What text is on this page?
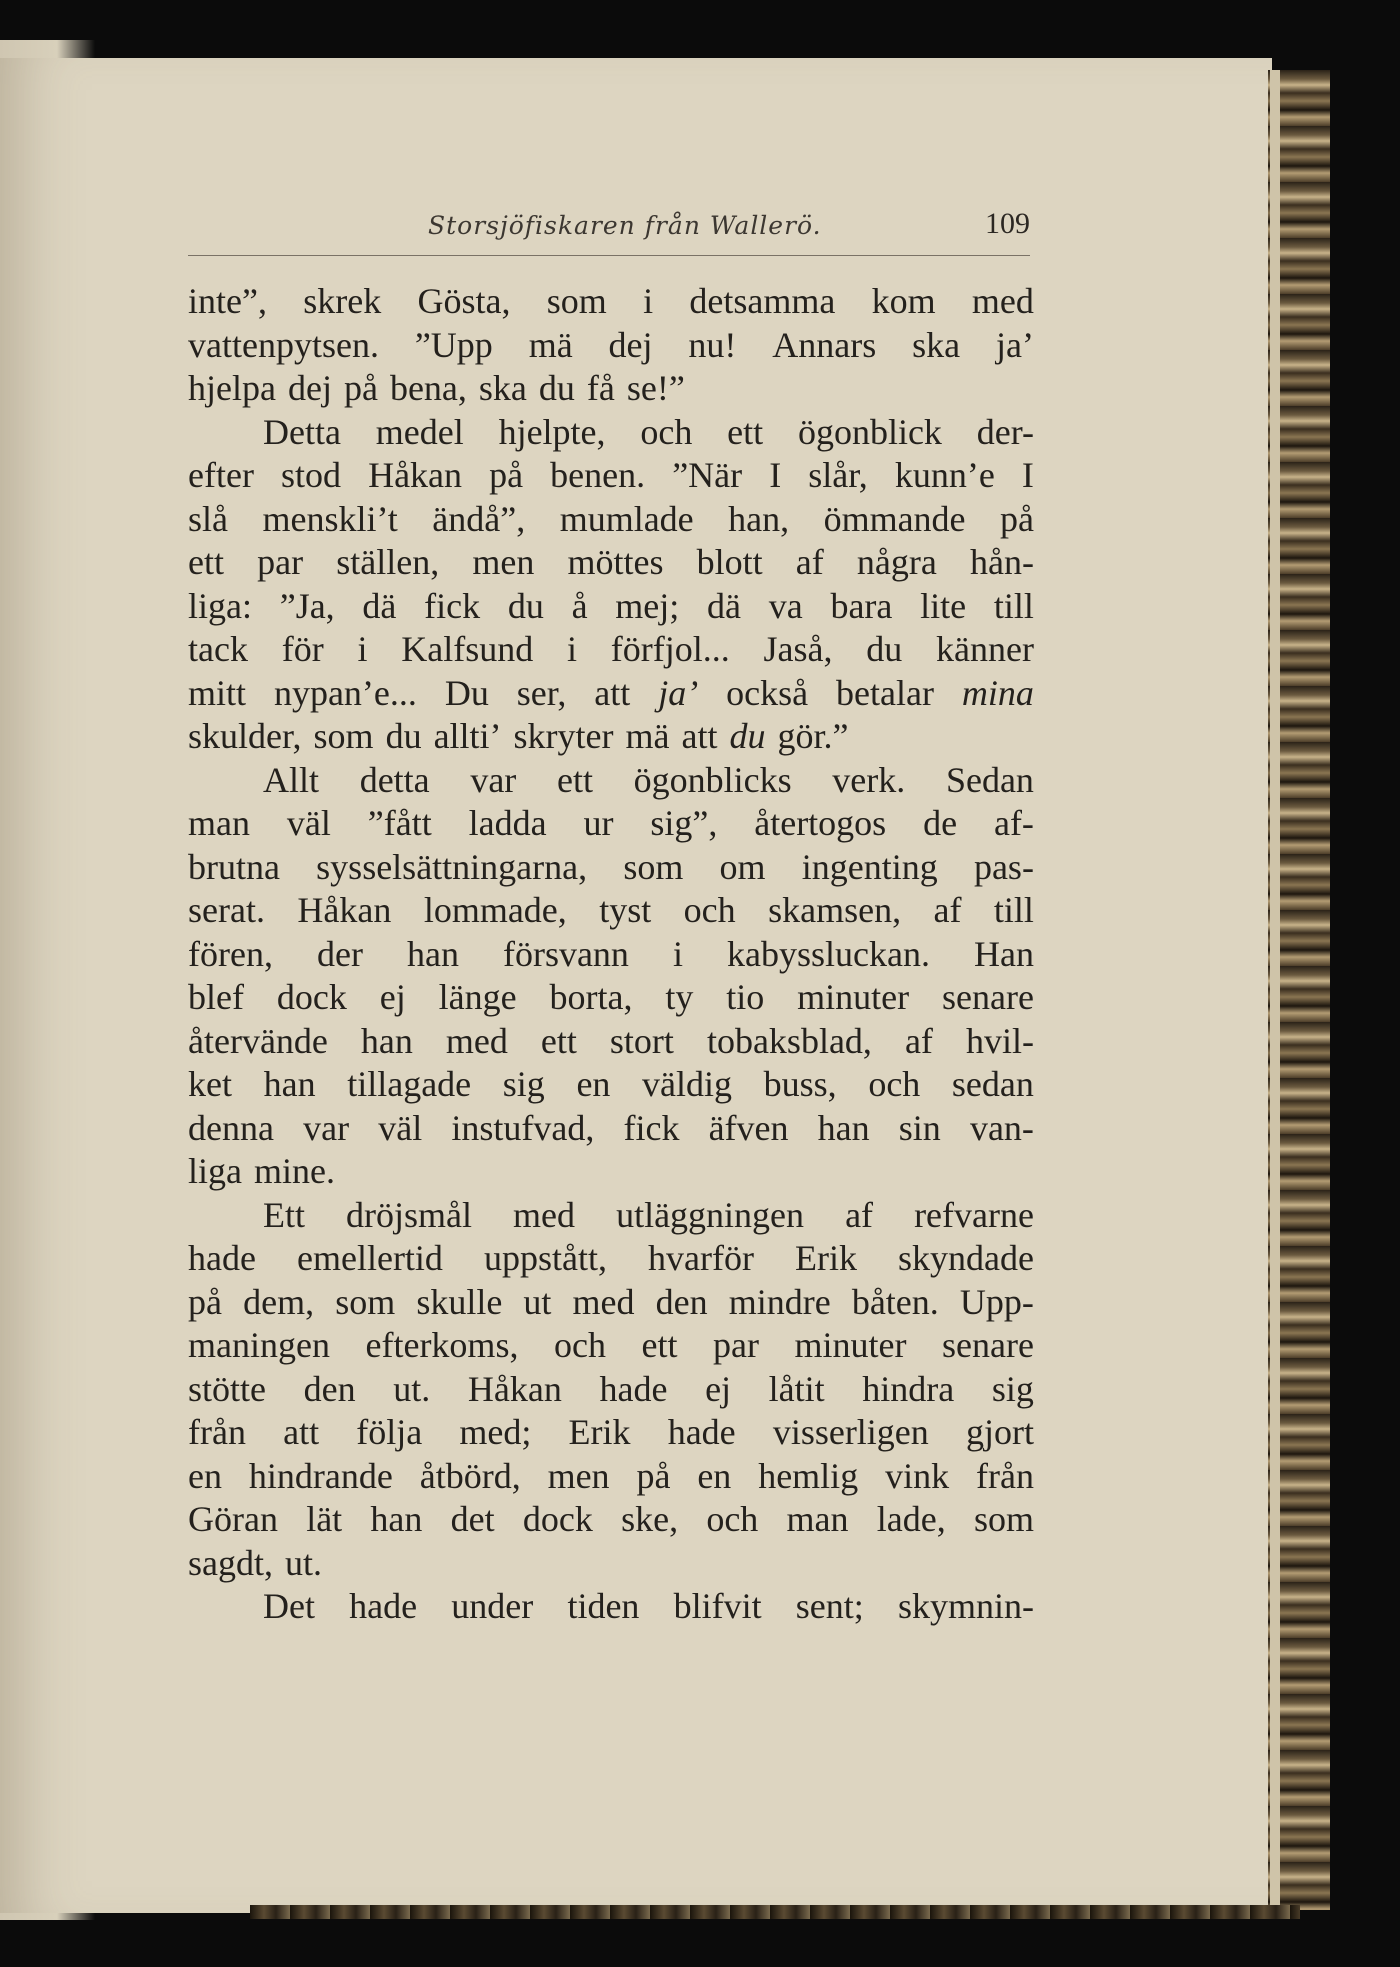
Storsjöfiskaren från Wallerö.	109
inte”, skrek Gösta, som i detsamma kom med
vattenpytsen. ”Upp mä dej nu! Annars ska ja’
hjelpa dej på bena, ska du få se!”
Detta medel hjelpte, och ett ögonblick der-
efter stod Håkan på benen. ”När I slår, kunn’e I
slå menskli’t ändå”, mumlade han, ömmande på
ett par ställen, men möttes blott af några hån-
liga: ”Ja, dä fick du å mej; dä va bara lite till
tack för i Kalfsund i förfjol... Jaså, du känner
mitt nypan’e... Du ser, att ja’ också betalar mina
skulder, som du allti’ skryter mä att du gör.”
Allt detta var ett ögonblicks verk. Sedan
man väl ”fått ladda ur sig”, återtogos de af-
brutna sysselsättningarna, som om ingenting pas-
serat. Håkan lommade, tyst och skamsen, af till
fören, der han försvann i kabyssluckan. Han
blef dock ej länge borta, ty tio minuter senare
återvände han med ett stort tobaksblad, af hvil-
ket han tillagade sig en väldig buss, och sedan
denna var väl instufvad, fick äfven han sin van-
liga mine.
Ett dröjsmål med utläggningen af refvarne
hade emellertid uppstått, hvarför Erik skyndade
på dem, som skulle ut med den mindre båten. Upp-
maningen efterkoms, och ett par minuter senare
stötte den ut. Håkan hade ej låtit hindra sig
från att följa med; Erik hade visserligen gjort
en hindrande åtbörd, men på en hemlig vink från
Göran lät han det dock ske, och man lade, som
sagdt, ut.
Det hade under tiden blifvit sent; skymnin-
